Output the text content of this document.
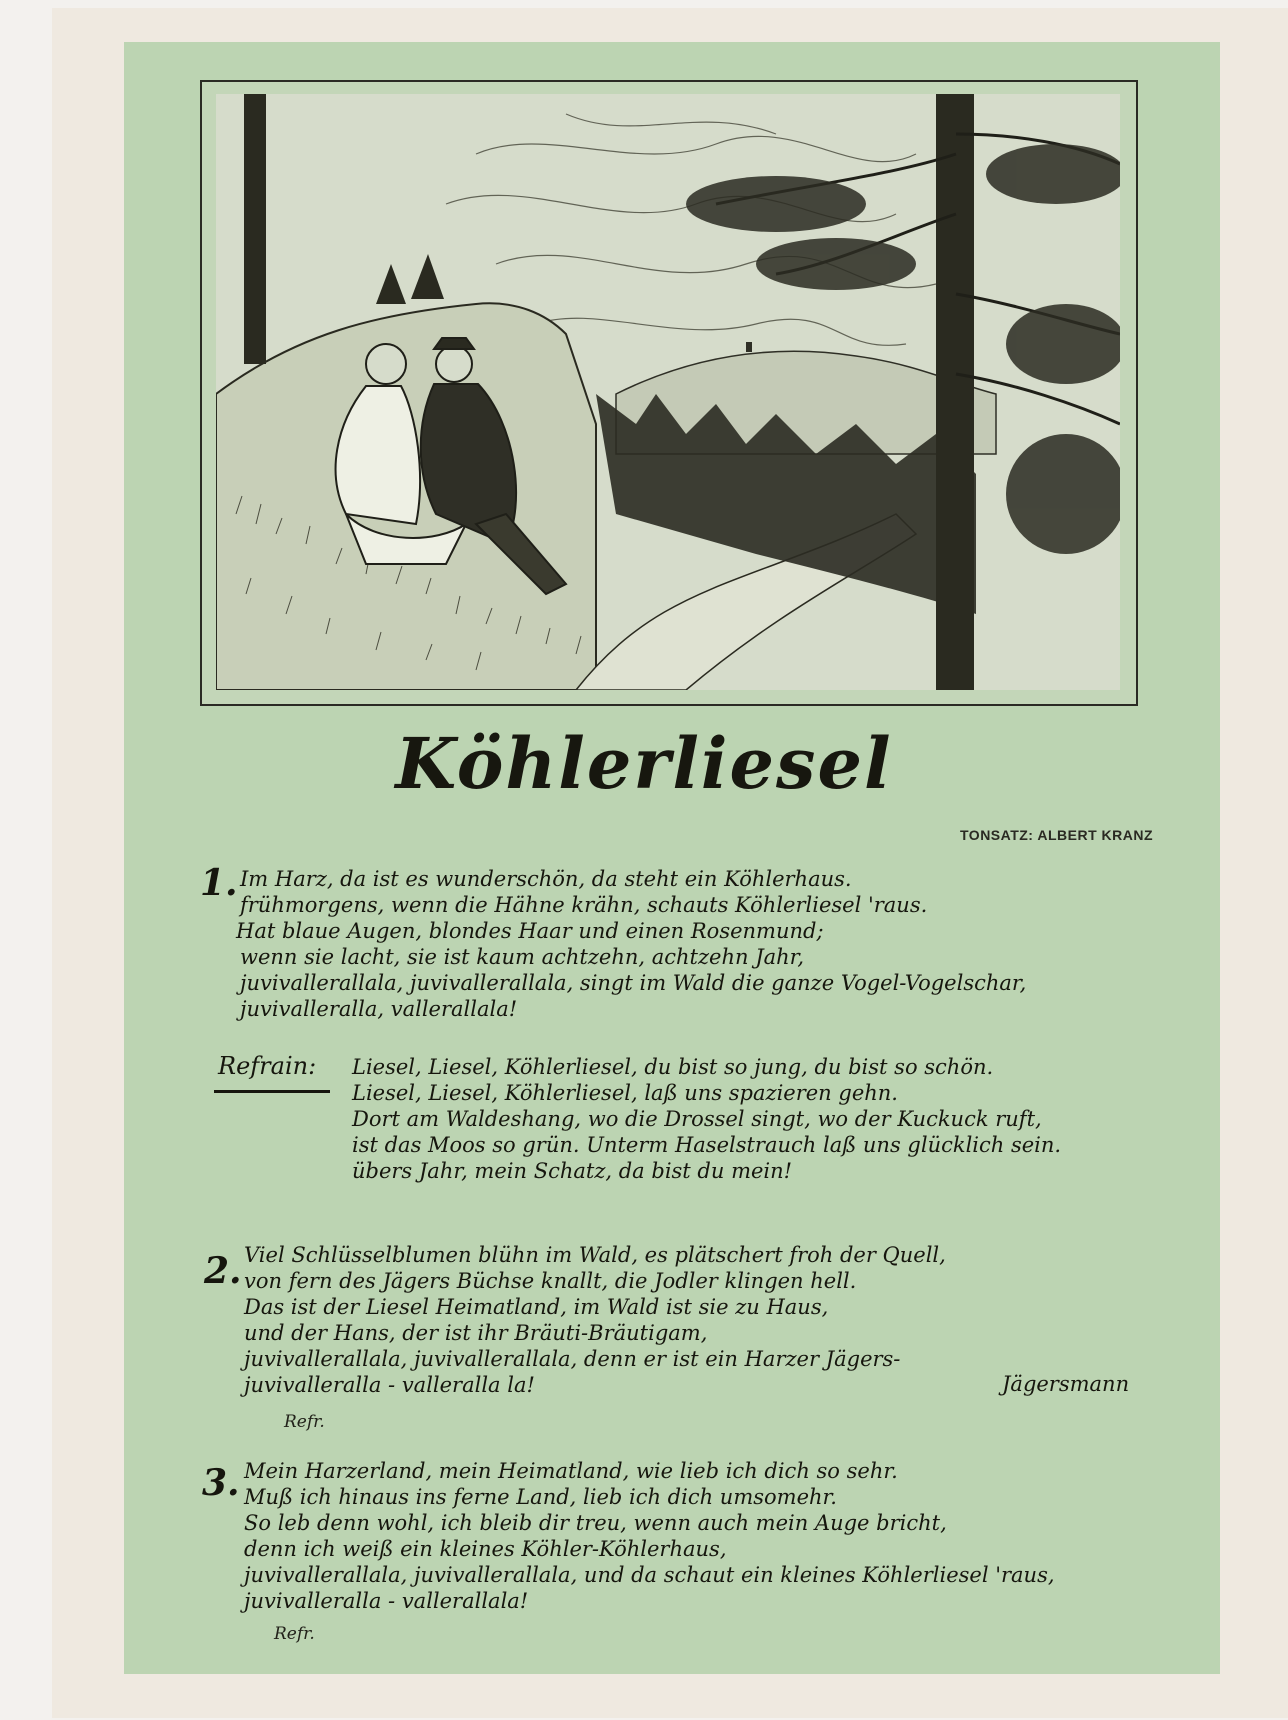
Köhlerliesel
TONSATZ: ALBERT KRANZ
1. Im Harz, da ist es wunderschön, da steht ein Köhlerhaus.
frühmorgens, wenn die Hähne krähn, schauts Köhlerliesel 'raus.
Hat blaue Augen, blondes Haar und einen Rosenmund;
wenn sie lacht, sie ist kaum achtzehn, achtzehn Jahr,
juvivallerallala, juvivallerallala, singt im Wald die ganze Vogel-Vogelschar,
juvivalleralla, vallerallala!
Refrain: Liesel, Liesel, Köhlerliesel, du bist so jung, du bist so schön.
Liesel, Liesel, Köhlerliesel, laß uns spazieren gehn.
Dort am Waldeshang, wo die Drossel singt, wo der Kuckuck ruft,
ist das Moos so grün. Unterm Haselstrauch laß uns glücklich sein.
übers Jahr, mein Schatz, da bist du mein!
2. Viel Schlüsselblumen blühn im Wald, es plätschert froh der Quell,
von fern des Jägers Büchse knallt, die Jodler klingen hell.
Das ist der Liesel Heimatland, im Wald ist sie zu Haus,
und der Hans, der ist ihr Bräuti-Bräutigam,
juvivallerallala, juvivallerallala, denn er ist ein Harzer Jägers-
juvivalleralla - valleralla la!	Jägersmann
Refr.
3. Mein Harzerland, mein Heimatland, wie lieb ich dich so sehr.
Muß ich hinaus ins ferne Land, lieb ich dich umsomehr.
So leb denn wohl, ich bleib dir treu, wenn auch mein Auge bricht,
denn ich weiß ein kleines Köhler-Köhlerhaus,
juvivallerallala, juvivallerallala, und da schaut ein kleines Köhlerliesel 'raus,
juvivalleralla - vallerallala!
Refr.
